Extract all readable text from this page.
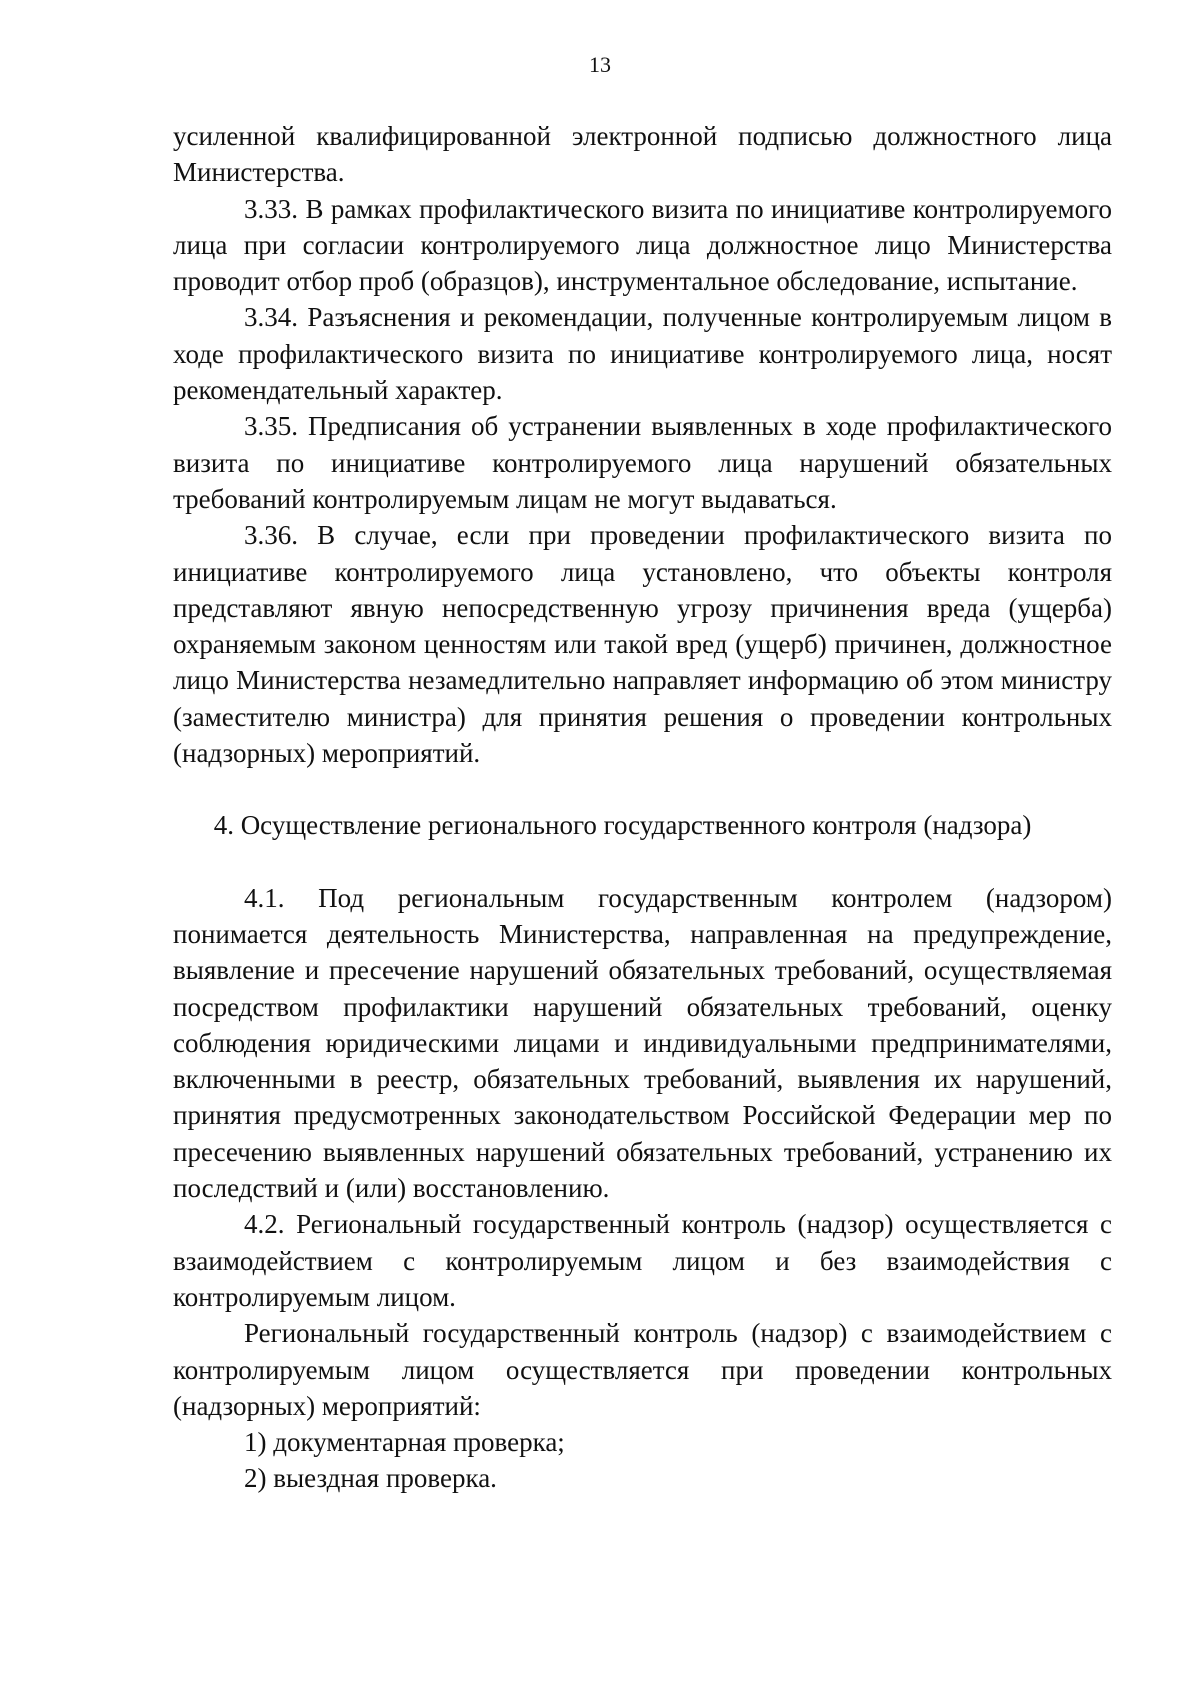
13

усиленной квалифицированной электронной подписью должностного лица Министерства.

3.33. В рамках профилактического визита по инициативе контролируемого лица при согласии контролируемого лица должностное лицо Министерства проводит отбор проб (образцов), инструментальное обследование, испытание.

3.34. Разъяснения и рекомендации, полученные контролируемым лицом в ходе профилактического визита по инициативе контролируемого лица, носят рекомендательный характер.

3.35. Предписания об устранении выявленных в ходе профилактического визита по инициативе контролируемого лица нарушений обязательных требований контролируемым лицам не могут выдаваться.

3.36. В случае, если при проведении профилактического визита по инициативе контролируемого лица установлено, что объекты контроля представляют явную непосредственную угрозу причинения вреда (ущерба) охраняемым законом ценностям или такой вред (ущерб) причинен, должностное лицо Министерства незамедлительно направляет информацию об этом министру (заместителю министра) для принятия решения о проведении контрольных (надзорных) мероприятий.

4. Осуществление регионального государственного контроля (надзора)

4.1. Под региональным государственным контролем (надзором) понимается деятельность Министерства, направленная на предупреждение, выявление и пресечение нарушений обязательных требований, осуществляемая посредством профилактики нарушений обязательных требований, оценку соблюдения юридическими лицами и индивидуальными предпринимателями, включенными в реестр, обязательных требований, выявления их нарушений, принятия предусмотренных законодательством Российской Федерации мер по пресечению выявленных нарушений обязательных требований, устранению их последствий и (или) восстановлению.

4.2. Региональный государственный контроль (надзор) осуществляется с взаимодействием с контролируемым лицом и без взаимодействия с контролируемым лицом.

Региональный государственный контроль (надзор) с взаимодействием с контролируемым лицом осуществляется при проведении контрольных (надзорных) мероприятий:

1) документарная проверка;

2) выездная проверка.
